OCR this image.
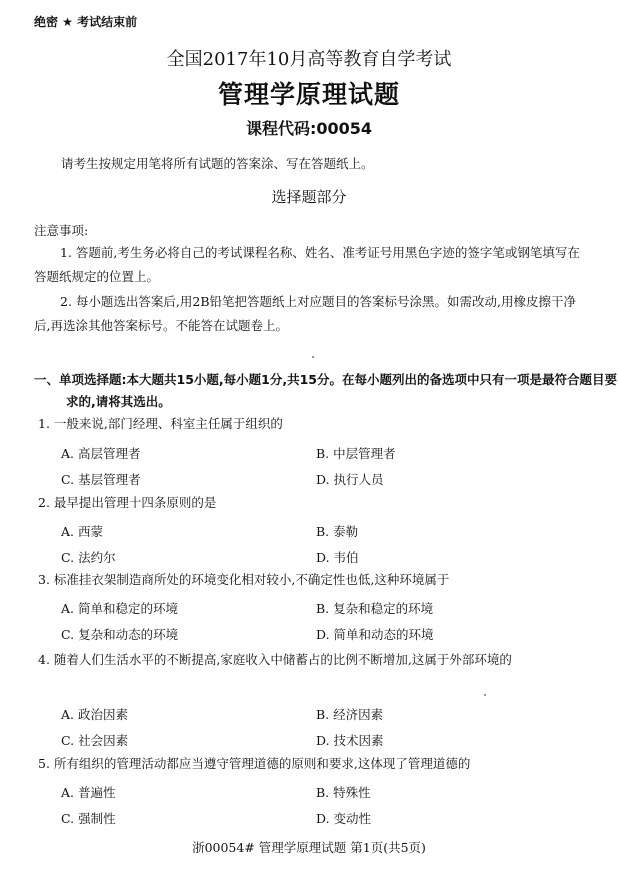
绝密 ★ 考试结束前
全国2017年10月高等教育自学考试
管理学原理试题
课程代码:00054
请考生按规定用笔将所有试题的答案涂、写在答题纸上。
选择题部分
注意事项:
1. 答题前,考生务必将自己的考试课程名称、姓名、准考证号用黑色字迹的签字笔或钢笔填写在答题纸规定的位置上。
2. 每小题选出答案后,用2B铅笔把答题纸上对应题目的答案标号涂黑。如需改动,用橡皮擦干净后,再选涂其他答案标号。不能答在试题卷上。
一、单项选择题:本大题共15小题,每小题1分,共15分。在每小题列出的备选项中只有一项是最符合题目要求的,请将其选出。
1. 一般来说,部门经理、科室主任属于组织的
A. 高层管理者	B. 中层管理者
C. 基层管理者	D. 执行人员
2. 最早提出管理十四条原则的是
A. 西蒙	B. 泰勒
C. 法约尔	D. 韦伯
3. 标准挂衣架制造商所处的环境变化相对较小,不确定性也低,这种环境属于
A. 简单和稳定的环境	B. 复杂和稳定的环境
C. 复杂和动态的环境	D. 简单和动态的环境
4. 随着人们生活水平的不断提高,家庭收入中储蓄占的比例不断增加,这属于外部环境的
A. 政治因素	B. 经济因素
C. 社会因素	D. 技术因素
5. 所有组织的管理活动都应当遵守管理道德的原则和要求,这体现了管理道德的
A. 普遍性	B. 特殊性
C. 强制性	D. 变动性
浙00054# 管理学原理试题 第1页(共5页)
